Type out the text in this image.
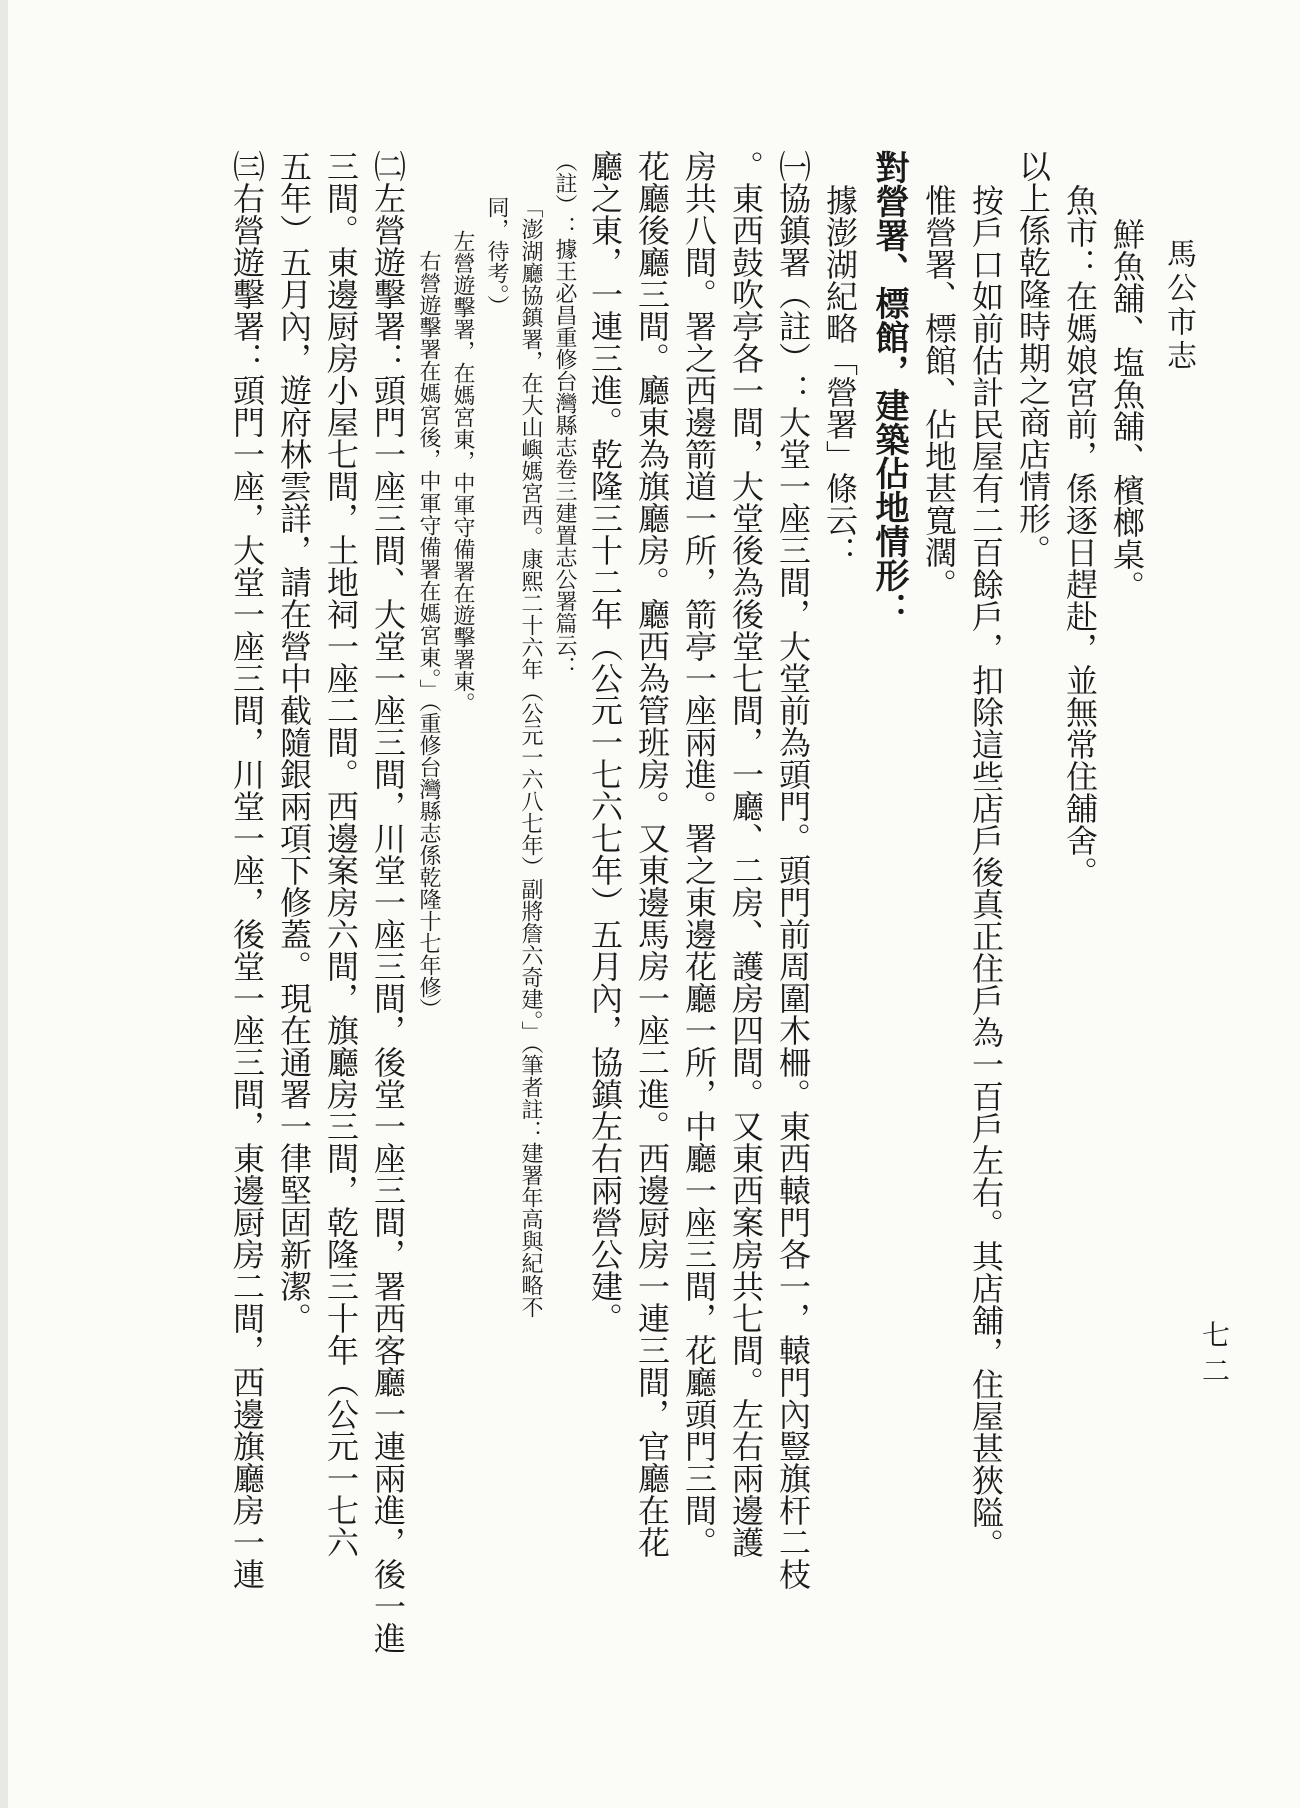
馬公市志
七二
鮮魚舖、塩魚舖、檳榔桌。
魚市：在媽娘宮前，係逐日趕赴，並無常住舖舍。
以上係乾隆時期之商店情形。
按戶口如前估計民屋有二百餘戶，扣除這些店戶後真正住戶為一百戶左右。其店舖，住屋甚狹隘。
惟營署、標館、佔地甚寬濶。
對營署、標館，建築佔地情形：
據澎湖紀略「營署」條云：
㈠協鎮署（註）：大堂一座三間，大堂前為頭門。頭門前周圍木柵。東西轅門各一，轅門內豎旗杆二枝
。東西鼓吹亭各一間，大堂後為後堂七間，一廳、二房、護房四間。又東西案房共七間。左右兩邊護
房共八間。署之西邊箭道一所，箭亭一座兩進。署之東邊花廳一所，中廳一座三間，花廳頭門三間。
花廳後廳三間。廳東為旗廳房。廳西為管班房。又東邊馬房一座二進。西邊厨房一連三間，官廳在花
廳之東，一連三進。乾隆三十二年（公元一七六七年）五月內，協鎮左右兩營公建。
（註）：據王必昌重修台灣縣志卷三建置志公署篇云：
「澎湖廳協鎮署，在大山嶼媽宮西。康熙二十六年（公元一六八七年）副將詹六奇建。」（筆者註：建署年高與紀略不
同，待考。）
左營遊擊署，在媽宮東，中軍守備署在遊擊署東。
右營遊擊署在媽宮後，中軍守備署在媽宮東。」（重修台灣縣志係乾隆十七年修）
㈡左營遊擊署：頭門一座三間、大堂一座三間，川堂一座三間，後堂一座三間，署西客廳一連兩進，後一進
三間。東邊厨房小屋七間，土地祠一座二間。西邊案房六間，旗廳房三間，乾隆三十年（公元一七六
五年）五月內，遊府林雲詳，請在營中截隨銀兩項下修蓋。現在通署一律堅固新潔。
㈢右營遊擊署：頭門一座，大堂一座三間，川堂一座，後堂一座三間，東邊厨房二間，西邊旗廳房一連
